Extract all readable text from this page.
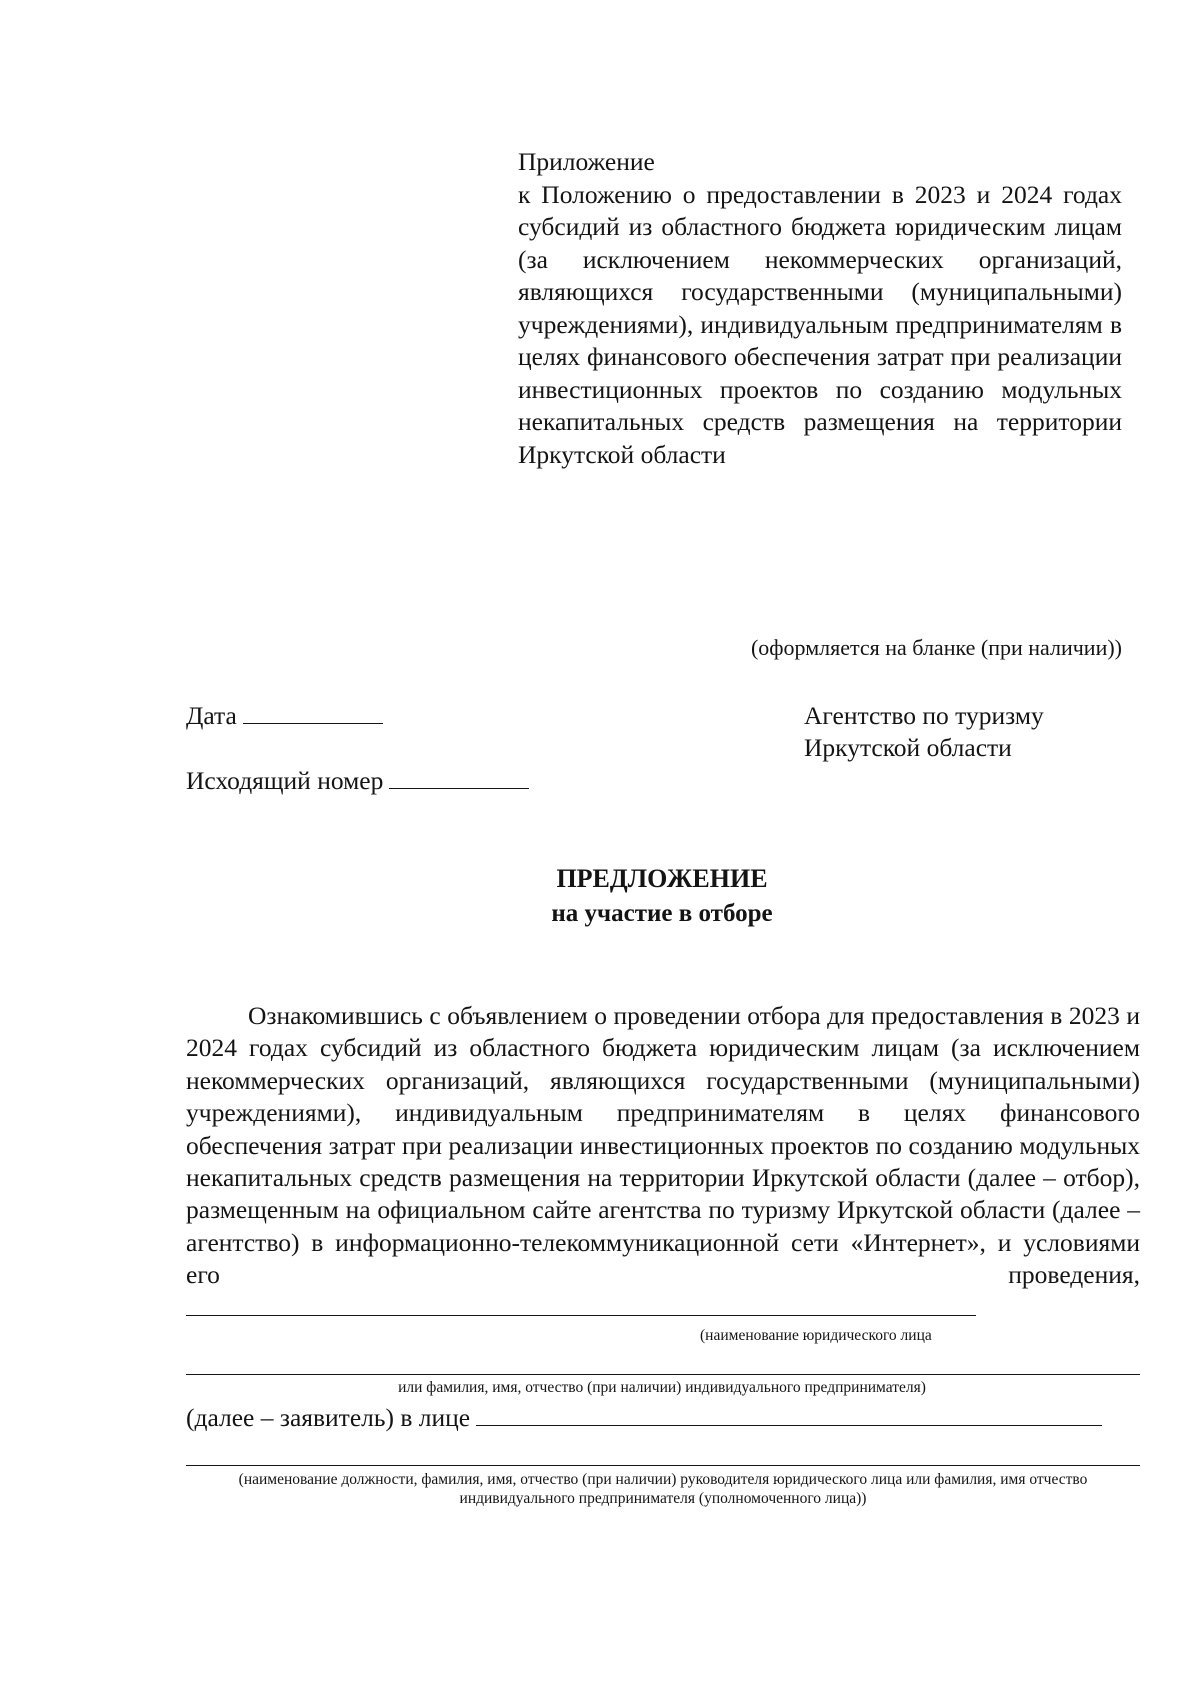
Приложение
к Положению о предоставлении в 2023 и 2024 годах субсидий из областного бюджета юридическим лицам (за исключением некоммерческих организаций, являющихся государственными (муниципальными) учреждениями), индивидуальным предпринимателям в целях финансового обеспечения затрат при реализации инвестиционных проектов по созданию модульных некапитальных средств размещения на территории Иркутской области
(оформляется на бланке (при наличии))
Дата
Исходящий номер
Агентство по туризму
Иркутской области
ПРЕДЛОЖЕНИЕ
на участие в отборе
Ознакомившись с объявлением о проведении отбора для предоставления в 2023 и 2024 годах субсидий из областного бюджета юридическим лицам (за исключением некоммерческих организаций, являющихся государственными (муниципальными) учреждениями), индивидуальным предпринимателям в целях финансового обеспечения затрат при реализации инвестиционных проектов по созданию модульных некапитальных средств размещения на территории Иркутской области (далее – отбор), размещенным на официальном сайте агентства по туризму Иркутской области (далее – агентство) в информационно-телекоммуникационной сети «Интернет», и условиями его проведения,
(наименование юридического лица
или фамилия, имя, отчество (при наличии) индивидуального предпринимателя)
(далее – заявитель) в лице
(наименование должности, фамилия, имя, отчество (при наличии) руководителя юридического лица или фамилия, имя отчество индивидуального предпринимателя (уполномоченного лица))
